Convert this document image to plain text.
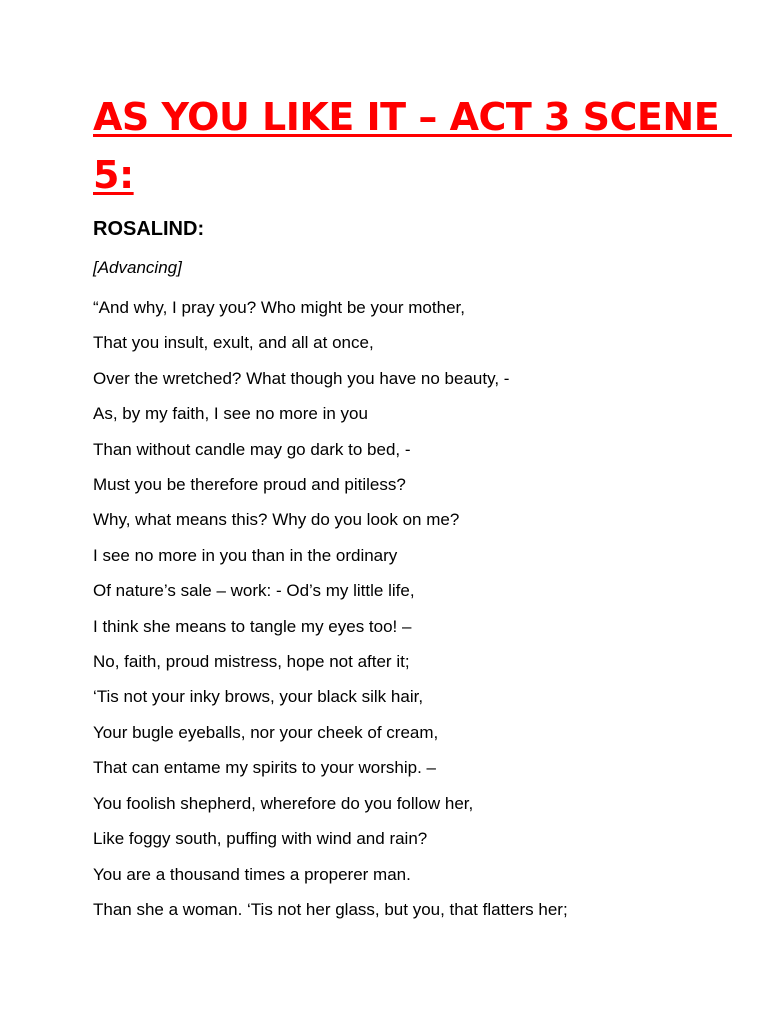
AS YOU LIKE IT – ACT 3 SCENE
5:

ROSALIND:

[Advancing]

“And why, I pray you? Who might be your mother,
That you insult, exult, and all at once,
Over the wretched? What though you have no beauty, -
As, by my faith, I see no more in you
Than without candle may go dark to bed, -
Must you be therefore proud and pitiless?
Why, what means this? Why do you look on me?
I see no more in you than in the ordinary
Of nature’s sale – work: - Od’s my little life,
I think she means to tangle my eyes too! –
No, faith, proud mistress, hope not after it;
‘Tis not your inky brows, your black silk hair,
Your bugle eyeballs, nor your cheek of cream,
That can entame my spirits to your worship. –
You foolish shepherd, wherefore do you follow her,
Like foggy south, puffing with wind and rain?
You are a thousand times a properer man.
Than she a woman. ‘Tis not her glass, but you, that flatters her;
